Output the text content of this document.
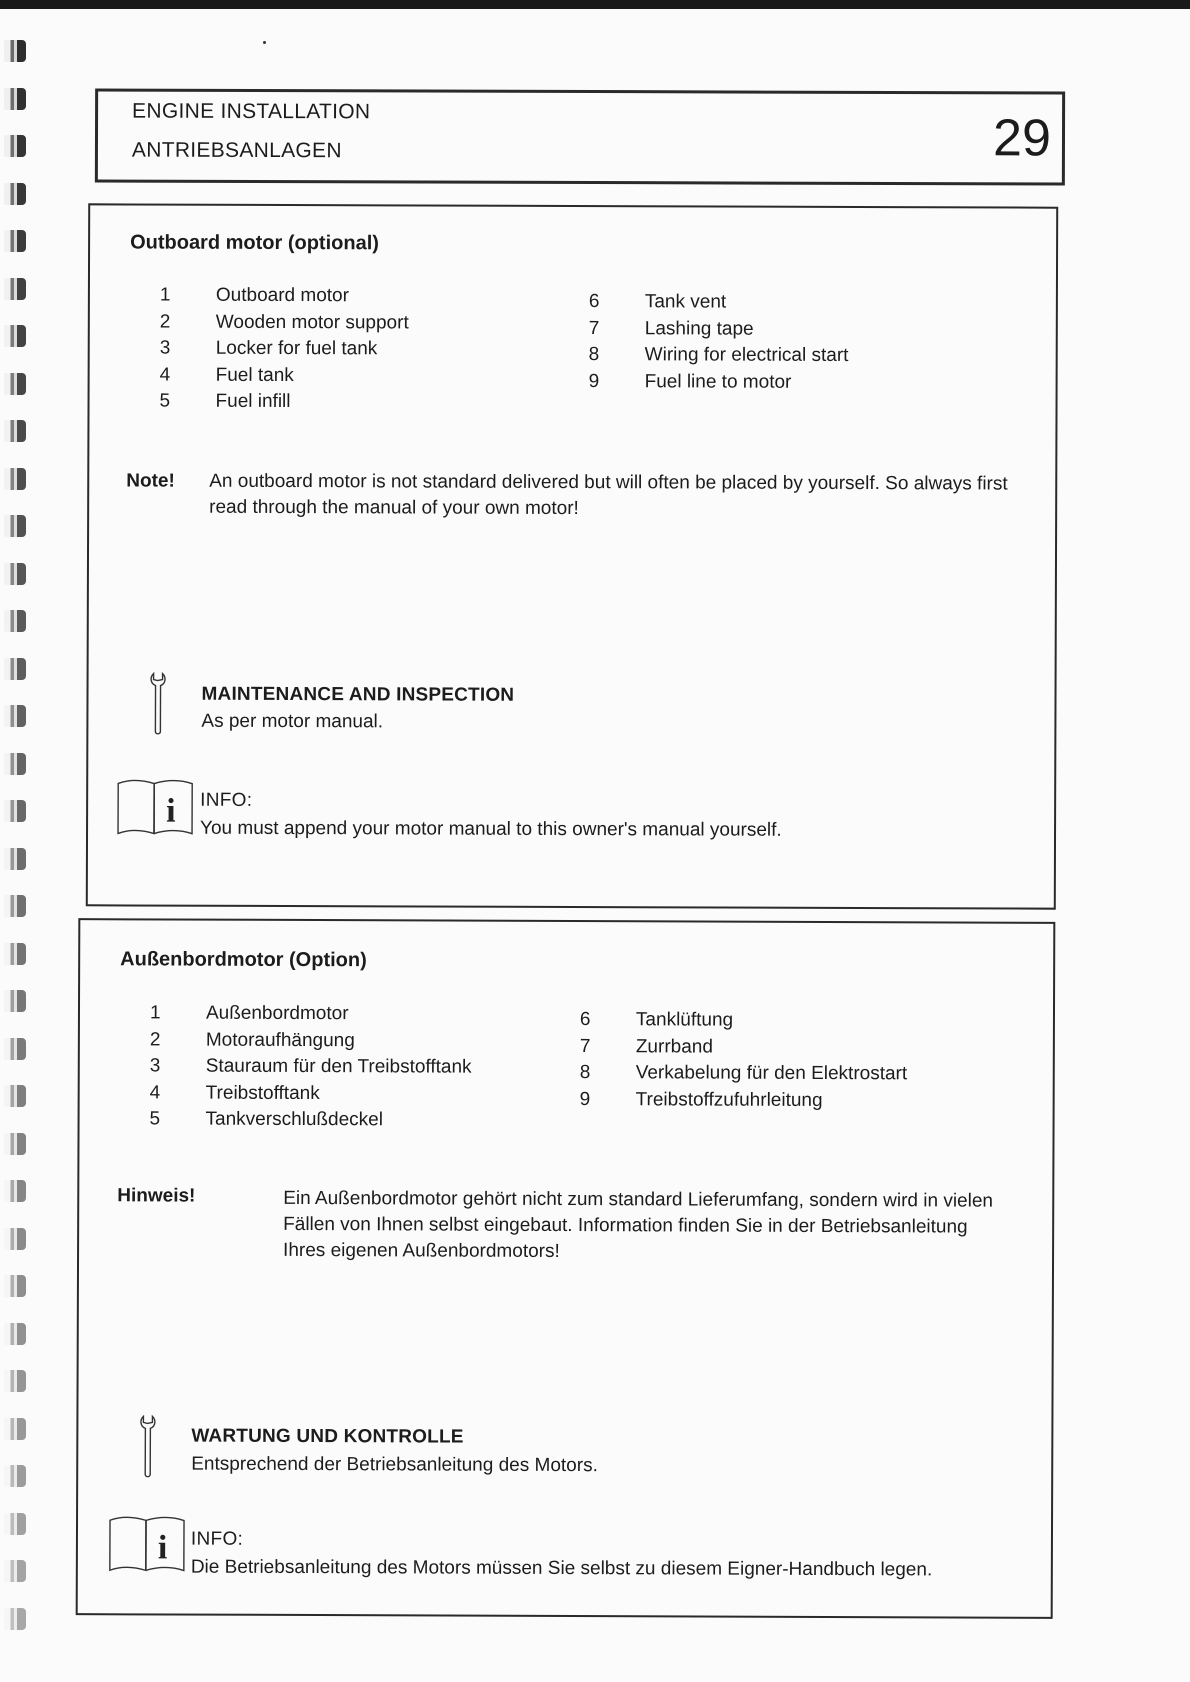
ENGINE INSTALLATION
ANTRIEBSANLAGEN	29
Outboard motor (optional)
1	Outboard motor
2	Wooden motor support
3	Locker for fuel tank
4	Fuel tank
5	Fuel infill
6	Tank vent
7	Lashing tape
8	Wiring for electrical start
9	Fuel line to motor
Note! An outboard motor is not standard delivered but will often be placed by yourself. So always first read through the manual of your own motor!
MAINTENANCE AND INSPECTION
As per motor manual.
i INFO:
You must append your motor manual to this owner's manual yourself.
Außenbordmotor (Option)
1	Außenbordmotor
2	Motoraufhängung
3	Stauraum für den Treibstofftank
4	Treibstofftank
5	Tankverschlußdeckel
6	Tanklüftung
7	Zurrband
8	Verkabelung für den Elektrostart
9	Treibstoffzufuhrleitung
Hinweis!	Ein Außenbordmotor gehört nicht zum standard Lieferumfang, sondern wird in vielen Fällen von Ihnen selbst eingebaut. Information finden Sie in der Betriebsanleitung Ihres eigenen Außenbordmotors!
WARTUNG UND KONTROLLE
Entsprechend der Betriebsanleitung des Motors.
i INFO:
Die Betriebsanleitung des Motors müssen Sie selbst zu diesem Eigner-Handbuch legen.
